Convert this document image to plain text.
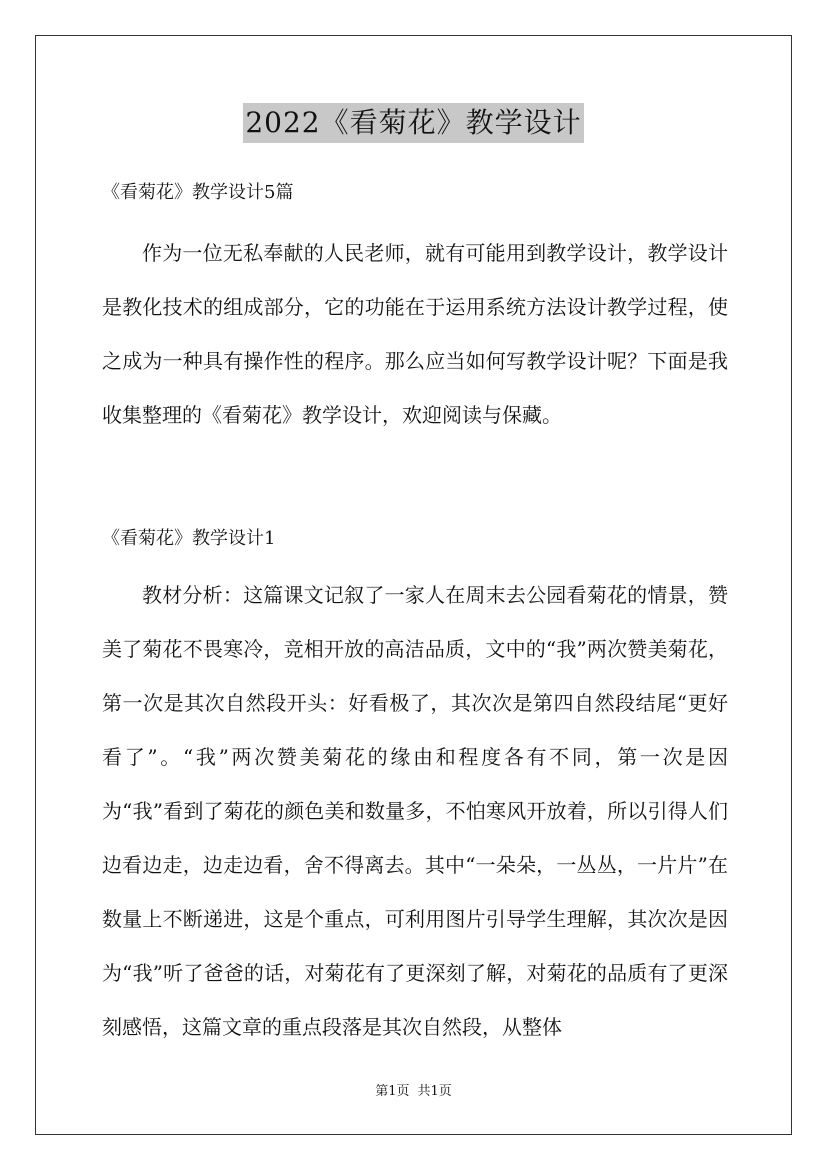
2022《看菊花》教学设计

《看菊花》教学设计5篇

作为一位无私奉献的人民老师，就有可能用到教学设计，教学设计是教化技术的组成部分，它的功能在于运用系统方法设计教学过程，使之成为一种具有操作性的程序。那么应当如何写教学设计呢？下面是我收集整理的《看菊花》教学设计，欢迎阅读与保藏。

《看菊花》教学设计1

教材分析：这篇课文记叙了一家人在周末去公园看菊花的情景，赞美了菊花不畏寒冷，竞相开放的高洁品质，文中的“我”两次赞美菊花，第一次是其次自然段开头：好看极了，其次次是第四自然段结尾“更好看了”。“我”两次赞美菊花的缘由和程度各有不同，第一次是因为“我”看到了菊花的颜色美和数量多，不怕寒风开放着，所以引得人们边看边走，边走边看，舍不得离去。其中“一朵朵，一丛丛，一片片”在数量上不断递进，这是个重点，可利用图片引导学生理解，其次次是因为“我”听了爸爸的话，对菊花有了更深刻了解，对菊花的品质有了更深刻感悟，这篇文章的重点段落是其次自然段，从整体

第1页 共1页
